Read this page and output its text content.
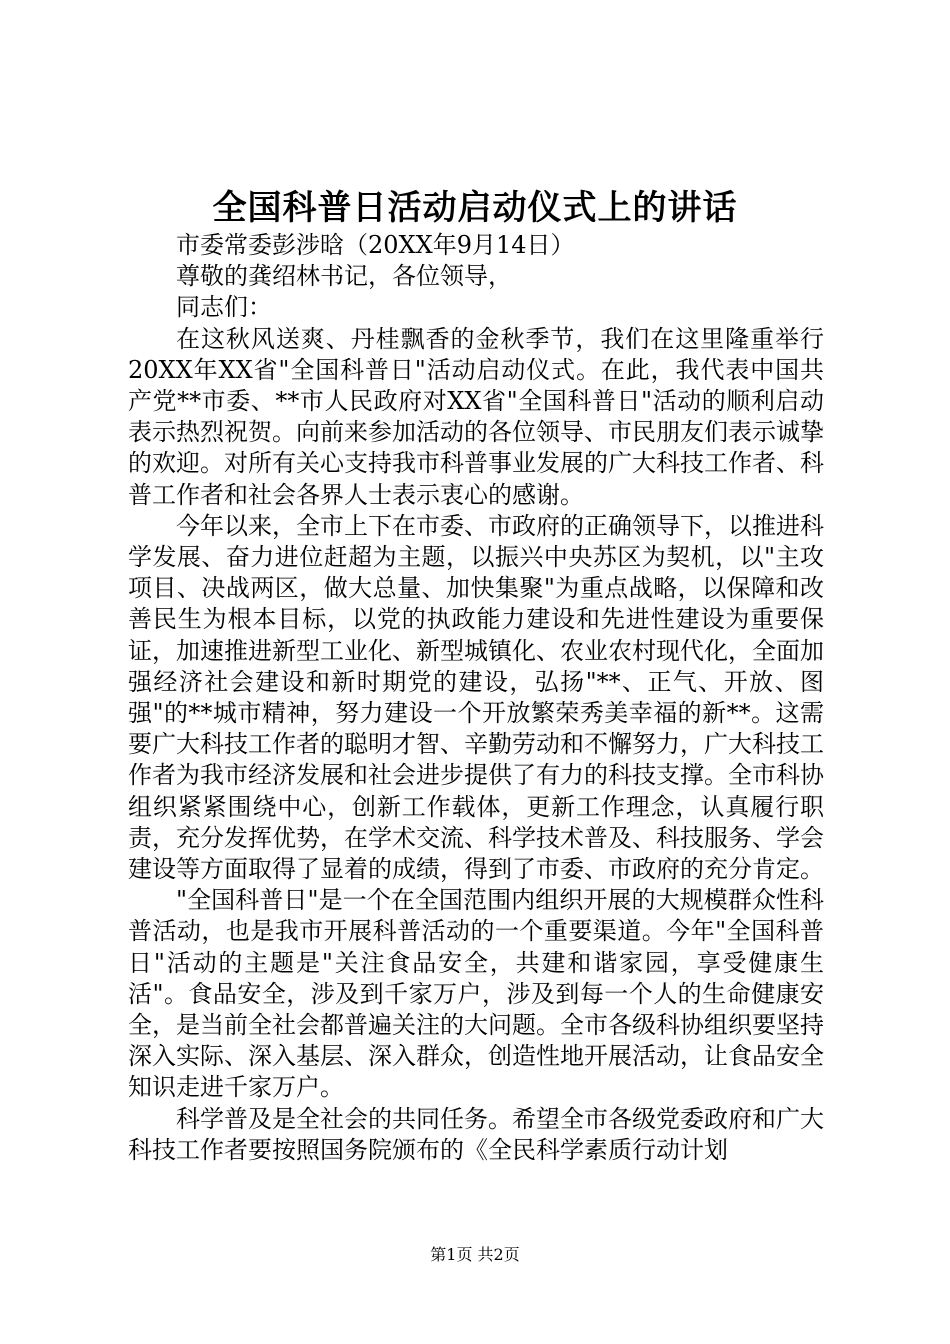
全国科普日活动启动仪式上的讲话

市委常委彭涉晗（20XX年9月14日）

尊敬的龚绍林书记，各位领导，

同志们：

在这秋风送爽、丹桂飘香的金秋季节，我们在这里隆重举行20XX年XX省"全国科普日"活动启动仪式。在此，我代表中国共产党**市委、**市人民政府对XX省"全国科普日"活动的顺利启动表示热烈祝贺。向前来参加活动的各位领导、市民朋友们表示诚挚的欢迎。对所有关心支持我市科普事业发展的广大科技工作者、科普工作者和社会各界人士表示衷心的感谢。

今年以来，全市上下在市委、市政府的正确领导下，以推进科学发展、奋力进位赶超为主题，以振兴中央苏区为契机，以"主攻项目、决战两区，做大总量、加快集聚"为重点战略，以保障和改善民生为根本目标，以党的执政能力建设和先进性建设为重要保证，加速推进新型工业化、新型城镇化、农业农村现代化，全面加强经济社会建设和新时期党的建设，弘扬"**、正气、开放、图强"的**城市精神，努力建设一个开放繁荣秀美幸福的新**。这需要广大科技工作者的聪明才智、辛勤劳动和不懈努力，广大科技工作者为我市经济发展和社会进步提供了有力的科技支撑。全市科协组织紧紧围绕中心，创新工作载体，更新工作理念，认真履行职责，充分发挥优势，在学术交流、科学技术普及、科技服务、学会建设等方面取得了显着的成绩，得到了市委、市政府的充分肯定。

"全国科普日"是一个在全国范围内组织开展的大规模群众性科普活动，也是我市开展科普活动的一个重要渠道。今年"全国科普日"活动的主题是"关注食品安全，共建和谐家园，享受健康生活"。食品安全，涉及到千家万户，涉及到每一个人的生命健康安全，是当前全社会都普遍关注的大问题。全市各级科协组织要坚持深入实际、深入基层、深入群众，创造性地开展活动，让食品安全知识走进千家万户。

科学普及是全社会的共同任务。希望全市各级党委政府和广大科技工作者要按照国务院颁布的《全民科学素质行动计划

第1页 共2页
